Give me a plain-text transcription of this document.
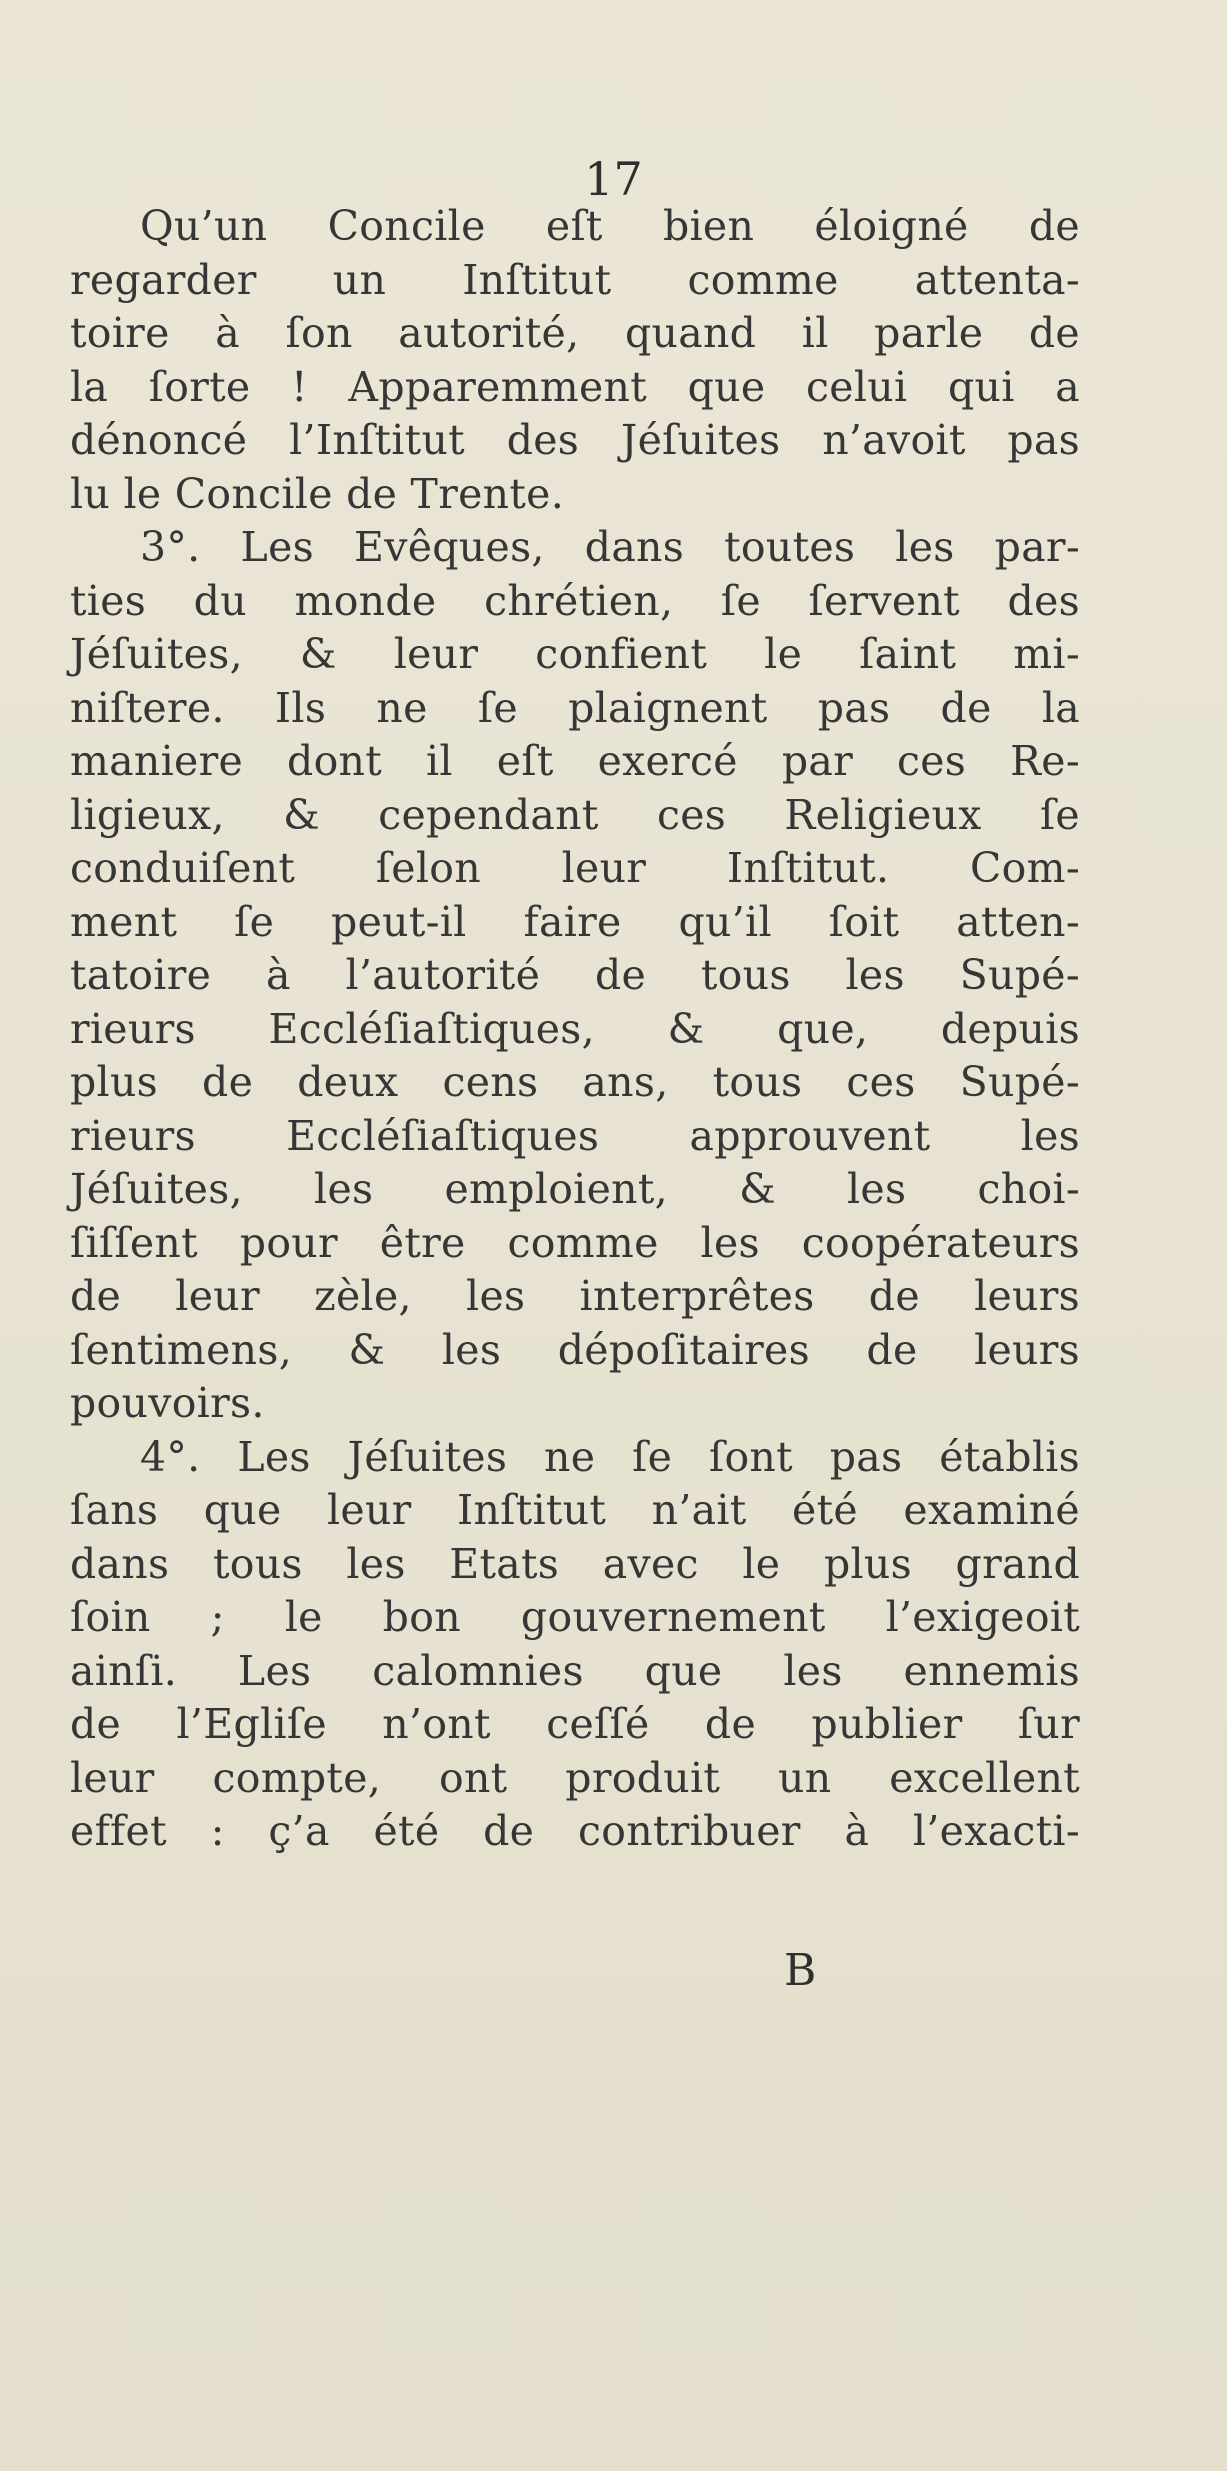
17
Qu’un Concile eſt bien éloigné de
regarder un Inſtitut comme attenta-
toire à ſon autorité, quand il parle de
la ſorte ! Apparemment que celui qui a
dénoncé l’Inſtitut des Jéſuites n’avoit pas
lu le Concile de Trente.
3°. Les Evêques, dans toutes les par-
ties du monde chrétien, ſe ſervent des
Jéſuites, & leur confient le ſaint mi-
niſtere. Ils ne ſe plaignent pas de la
maniere dont il eſt exercé par ces Re-
ligieux, & cependant ces Religieux ſe
conduiſent ſelon leur Inſtitut. Com-
ment ſe peut-il faire qu’il ſoit atten-
tatoire à l’autorité de tous les Supé-
rieurs Eccléſiaſtiques, & que, depuis
plus de deux cens ans, tous ces Supé-
rieurs Eccléſiaſtiques approuvent les
Jéſuites, les emploient, & les choi-
ſiſſent pour être comme les coopérateurs
de leur zèle, les interprêtes de leurs
ſentimens, & les dépoſitaires de leurs
pouvoirs.
4°. Les Jéſuites ne ſe ſont pas établis
ſans que leur Inſtitut n’ait été examiné
dans tous les Etats avec le plus grand
ſoin ; le bon gouvernement l’exigeoit
ainſi. Les calomnies que les ennemis
de l’Egliſe n’ont ceſſé de publier ſur
leur compte, ont produit un excellent
effet : ç’a été de contribuer à l’exacti-
B
